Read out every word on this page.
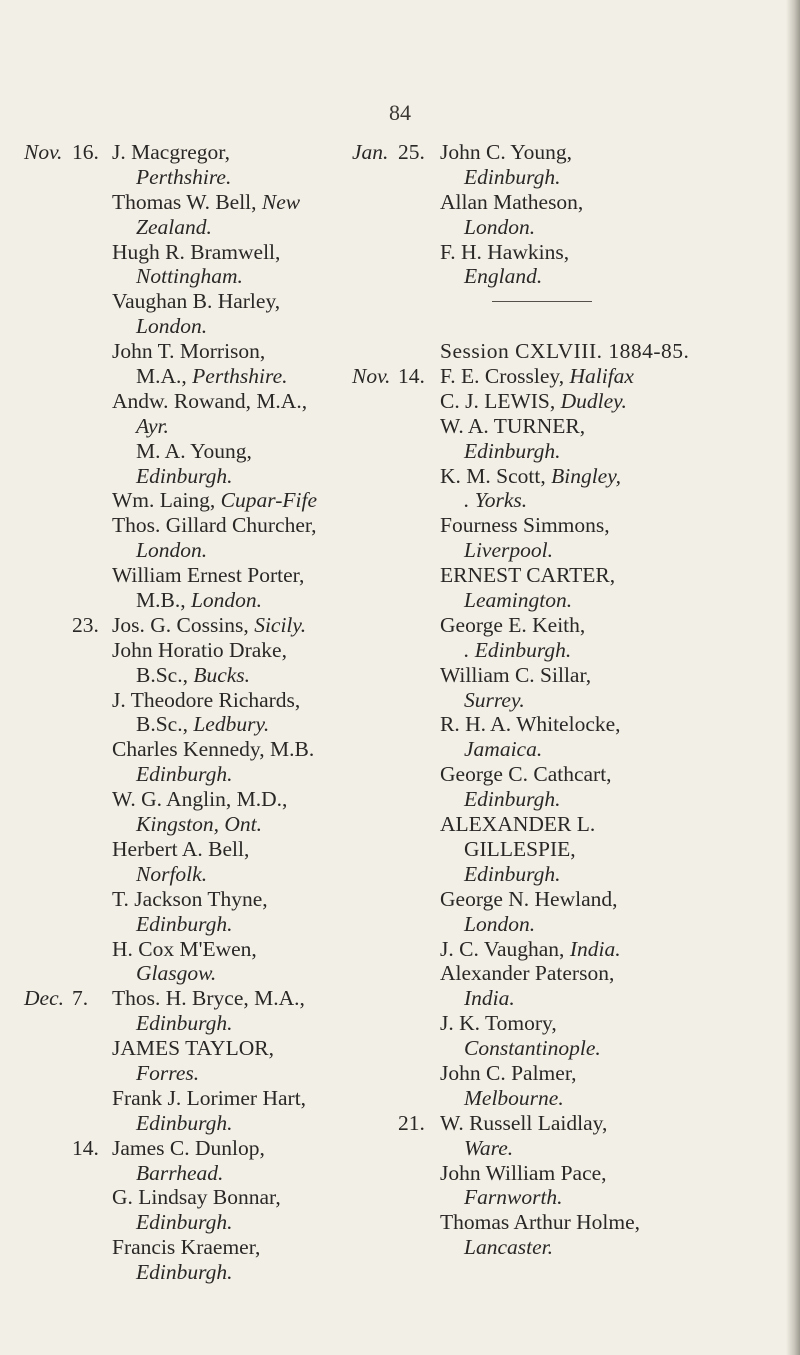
84
Nov. 16. J. Macgregor,
Perthshire.
Thomas W. Bell, New
Zealand.
Hugh R. Bramwell,
Nottingham.
Vaughan B. Harley,
London.
John T. Morrison,
M.A., Perthshire.
Andw. Rowand, M.A.,
Ayr.
M. A. Young,
Edinburgh.
Wm. Laing, Cupar-Fife
Thos. Gillard Churcher,
London.
William Ernest Porter,
M.B., London.
23. Jos. G. Cossins, Sicily.
John Horatio Drake,
B.Sc., Bucks.
J. Theodore Richards,
B.Sc., Ledbury.
Charles Kennedy, M.B.
Edinburgh.
W. G. Anglin, M.D.,
Kingston, Ont.
Herbert A. Bell,
Norfolk.
T. Jackson Thyne,
Edinburgh.
H. Cox M'Ewen,
Glasgow.
Dec. 7.	Thos. H. Bryce, M.A.,
Edinburgh.
JAMES TAYLOR,
Forres.
Frank J. Lorimer Hart,
Edinburgh.
14. James C. Dunlop,
Barrhead.
G. Lindsay Bonnar,
Edinburgh.
Francis Kraemer,
Edinburgh.
Jan. 25. John C. Young,
Edinburgh.
Allan Matheson,
London.
F. H. Hawkins,
England.
Session CXLVIII. 1884-85.
Nov. 14. F. E. Crossley, Halifax
C. J. LEWIS, Dudley.
W. A. TURNER,
Edinburgh.
K. M. Scott, Bingley,
. Yorks.
Fourness Simmons,
Liverpool.
ERNEST CARTER,
Leamington.
George E. Keith,
. Edinburgh.
William C. Sillar,
Surrey.
R. H. A. Whitelocke,
Jamaica.
George C. Cathcart,
Edinburgh.
ALEXANDER L.
GILLESPIE,
Edinburgh.
George N. Hewland,
London.
J. C. Vaughan, India.
Alexander Paterson,
India.
J. K. Tomory,
Constantinople.
John C. Palmer,
Melbourne.
21. W. Russell Laidlay,
Ware.
John William Pace,
Farnworth.
Thomas Arthur Holme,
Lancaster.
